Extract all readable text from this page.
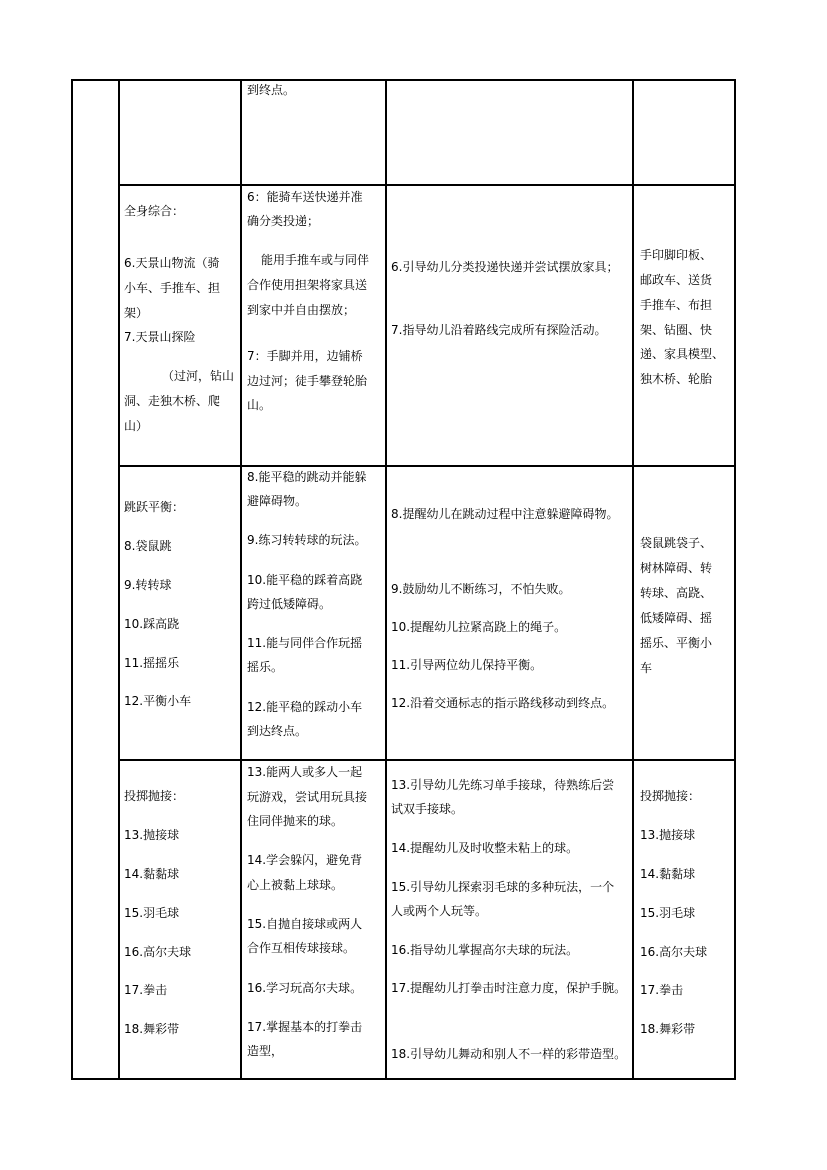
到终点。

全身综合：

6.天景山物流（骑

小车、手推车、担

架）

7.天景山探险

（过河，钻山

洞、走独木桥、爬

山）

6：能骑车送快递并准

确分类投递；

能用手推车或与同伴

合作使用担架将家具送

到家中并自由摆放；

7：手脚并用，边铺桥

边过河；徒手攀登轮胎

山。

6.引导幼儿分类投递快递并尝试摆放家具；

7.指导幼儿沿着路线完成所有探险活动。

手印脚印板、

邮政车、送货

手推车、布担

架、钻圈、快

递、家具模型、

独木桥、轮胎

跳跃平衡：

8.袋鼠跳

9.转转球

10.踩高跷

11.摇摇乐

12.平衡小车

8.能平稳的跳动并能躲

避障碍物。

9.练习转转球的玩法。

10.能平稳的踩着高跷

跨过低矮障碍。

11.能与同伴合作玩摇

摇乐。

12.能平稳的踩动小车

到达终点。

8.提醒幼儿在跳动过程中注意躲避障碍物。

9.鼓励幼儿不断练习，不怕失败。

10.提醒幼儿拉紧高跷上的绳子。

11.引导两位幼儿保持平衡。

12.沿着交通标志的指示路线移动到终点。

袋鼠跳袋子、

树林障碍、转

转球、高跷、

低矮障碍、摇

摇乐、平衡小

车

投掷抛接：

13.抛接球

14.黏黏球

15.羽毛球

16.高尔夫球

17.拳击

18.舞彩带

13.能两人或多人一起

玩游戏，尝试用玩具接

住同伴抛来的球。

14.学会躲闪，避免背

心上被黏上球球。

15.自抛自接球或两人

合作互相传球接球。

16.学习玩高尔夫球。

17.掌握基本的打拳击

造型，

13.引导幼儿先练习单手接球，待熟练后尝

试双手接球。

14.提醒幼儿及时收整未粘上的球。

15.引导幼儿探索羽毛球的多种玩法，一个

人或两个人玩等。

16.指导幼儿掌握高尔夫球的玩法。

17.提醒幼儿打拳击时注意力度，保护手腕。

18.引导幼儿舞动和别人不一样的彩带造型。

投掷抛接：

13.抛接球

14.黏黏球

15.羽毛球

16.高尔夫球

17.拳击

18.舞彩带
